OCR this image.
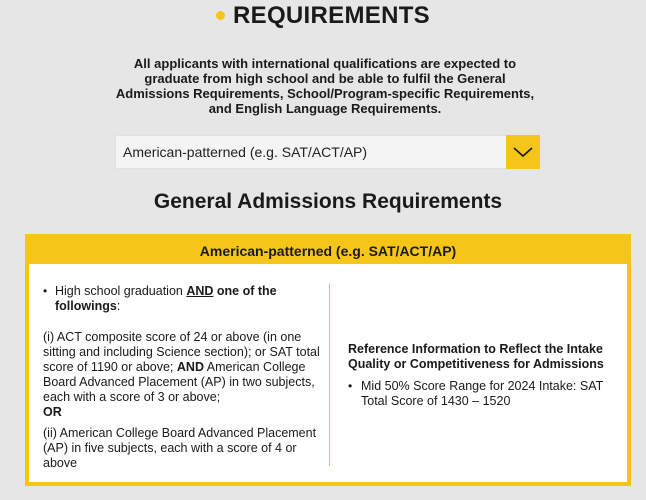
REQUIREMENTS
All applicants with international qualifications are expected to graduate from high school and be able to fulfil the General Admissions Requirements, School/Program-specific Requirements, and English Language Requirements.
American-patterned (e.g. SAT/ACT/AP)
General Admissions Requirements
American-patterned (e.g. SAT/ACT/AP)
• High school graduation AND one of the followings:
(i) ACT composite score of 24 or above (in one sitting and including Science section); or SAT total score of 1190 or above; AND American College Board Advanced Placement (AP) in two subjects, each with a score of 3 or above;
OR
(ii) American College Board Advanced Placement (AP) in five subjects, each with a score of 4 or above
Reference Information to Reflect the Intake Quality or Competitiveness for Admissions
• Mid 50% Score Range for 2024 Intake: SAT Total Score of 1430 – 1520
